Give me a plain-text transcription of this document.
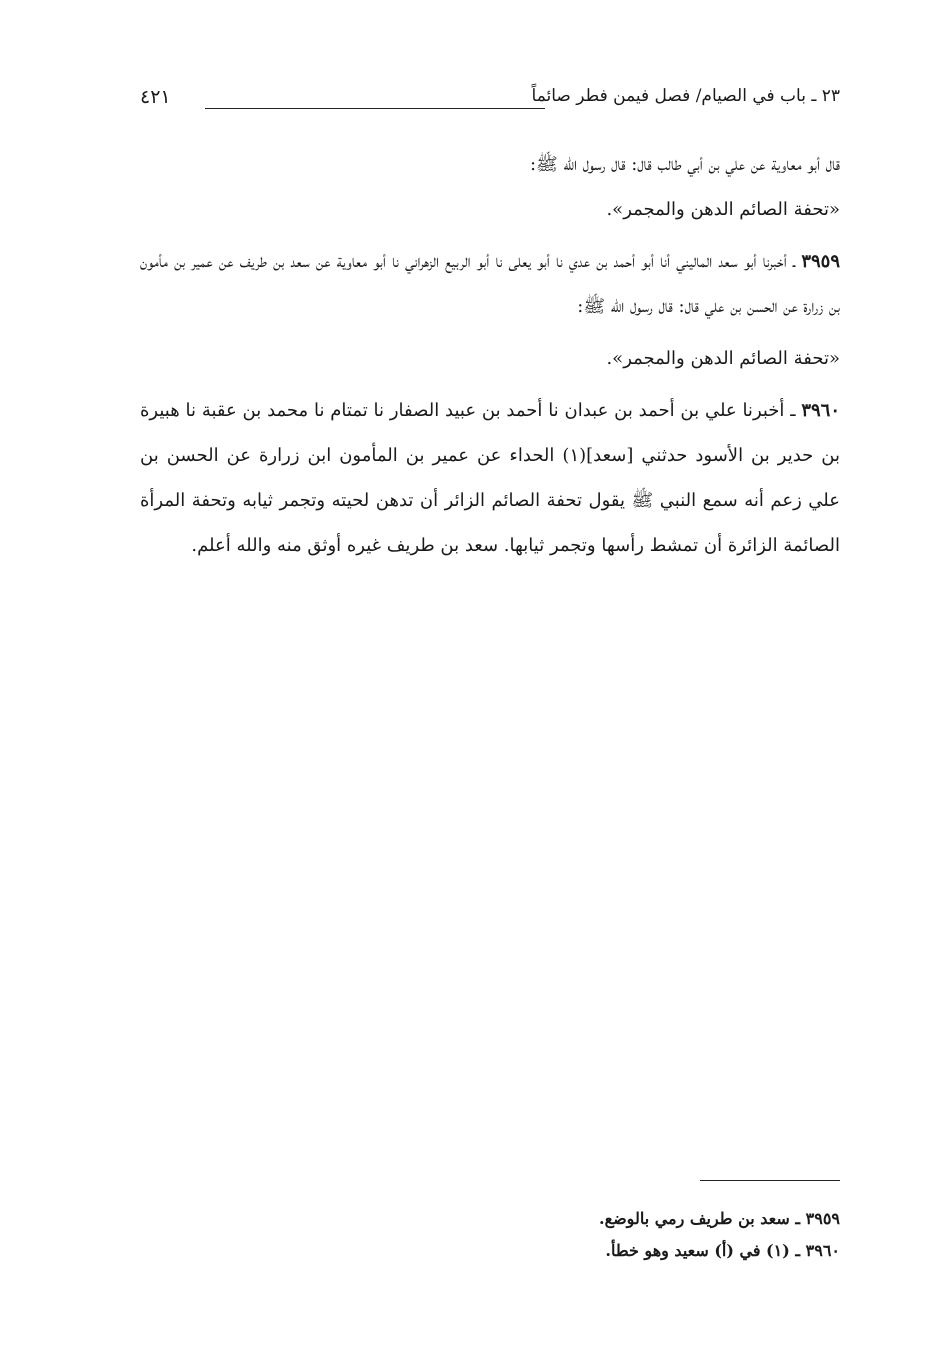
٢٣ ـ باب في الصيام/ فصل فيمن فطر صائماً
٤٢١

قال أبو معاوية عن علي بن أبي طالب قال: قال رسول الله ﷺ:

«تحفة الصائم الدهن والمجمر».

٣٩٥٩ ـ أخبرنا أبو سعد الماليني أنا أبو أحمد بن عدي نا أبو يعلى نا أبو الربيع الزهراني نا أبو معاوية عن سعد بن طريف عن عمير بن مأمون بن زرارة عن الحسن بن علي قال: قال رسول الله ﷺ:

«تحفة الصائم الدهن والمجمر».

٣٩٦٠ ـ أخبرنا علي بن أحمد بن عبدان نا أحمد بن عبيد الصفار نا تمتام نا محمد بن عقبة نا هبيرة بن حدير بن الأسود حدثني [سعد](١) الحداء عن عمير بن المأمون ابن زرارة عن الحسن بن علي زعم أنه سمع النبي ﷺ يقول تحفة الصائم الزائر أن تدهن لحيته وتجمر ثيابه وتحفة المرأة الصائمة الزائرة أن تمشط رأسها وتجمر ثيابها. سعد بن طريف غيره أوثق منه والله أعلم.

٣٩٥٩ ـ سعد بن طريف رمي بالوضع.

٣٩٦٠ ـ (١) في (أ) سعيد وهو خطأ.
